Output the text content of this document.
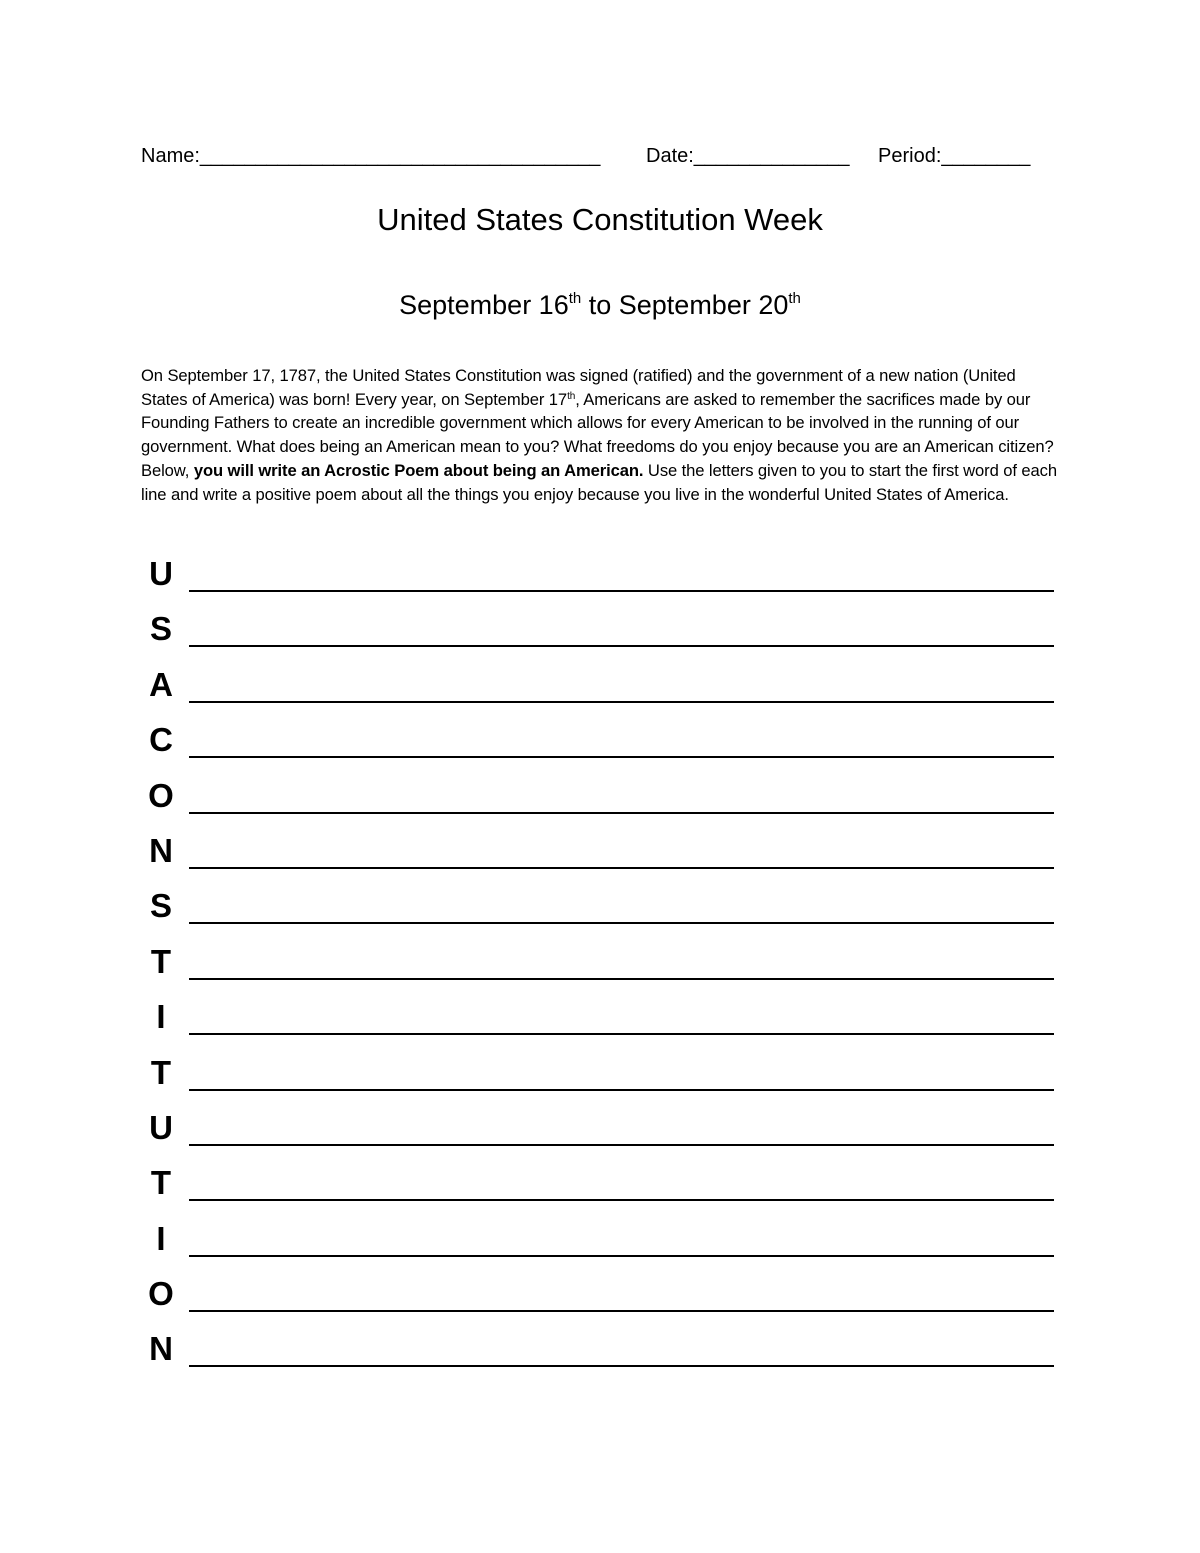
Name:____________________________________ Date:______________ Period:________
United States Constitution Week
September 16th to September 20th
On September 17, 1787, the United States Constitution was signed (ratified) and the government of a new nation (United States of America) was born! Every year, on September 17th, Americans are asked to remember the sacrifices made by our Founding Fathers to create an incredible government which allows for every American to be involved in the running of our government. What does being an American mean to you? What freedoms do you enjoy because you are an American citizen? Below, you will write an Acrostic Poem about being an American. Use the letters given to you to start the first word of each line and write a positive poem about all the things you enjoy because you live in the wonderful United States of America.
U
S
A
C
O
N
S
T
I
T
U
T
I
O
N
